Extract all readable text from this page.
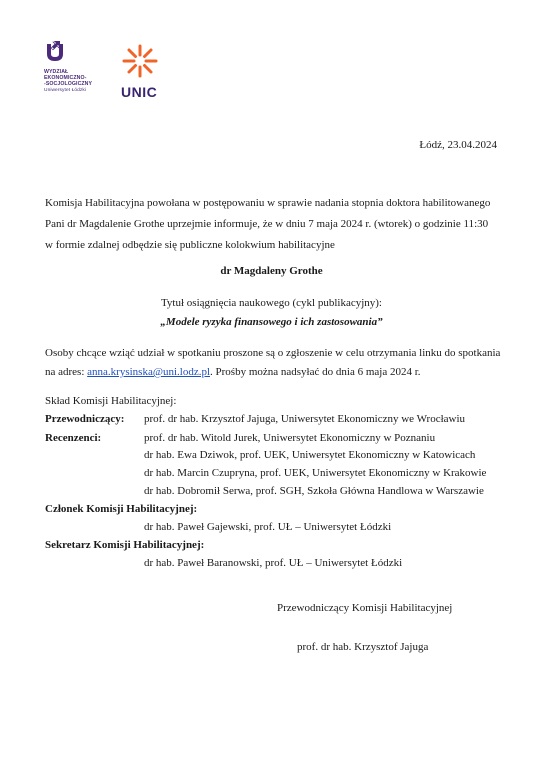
WYDZIAŁ
EKONOMICZNO-
-SOCJOLOGICZNY
Uniwersytet Łódzki	UNIC
Łódź, 23.04.2024
Komisja Habilitacyjna powołana w postępowaniu w sprawie nadania stopnia doktora habilitowanego
Pani dr Magdalenie Grothe uprzejmie informuje, że w dniu 7 maja 2024 r. (wtorek) o godzinie 11:30
w formie zdalnej odbędzie się publiczne kolokwium habilitacyjne
dr Magdaleny Grothe
Tytuł osiągnięcia naukowego (cykl publikacyjny):
„Modele ryzyka finansowego i ich zastosowania”
Osoby chcące wziąć udział w spotkaniu proszone są o zgłoszenie w celu otrzymania linku do spotkania
na adres: anna.krysinska@uni.lodz.pl. Prośby można nadsyłać do dnia 6 maja 2024 r.
Skład Komisji Habilitacyjnej:
Przewodniczący: prof. dr hab. Krzysztof Jajuga, Uniwersytet Ekonomiczny we Wrocławiu
Recenzenci:	prof. dr hab. Witold Jurek, Uniwersytet Ekonomiczny w Poznaniu
dr hab. Ewa Dziwok, prof. UEK, Uniwersytet Ekonomiczny w Katowicach
dr hab. Marcin Czupryna, prof. UEK, Uniwersytet Ekonomiczny w Krakowie
dr hab. Dobromił Serwa, prof. SGH, Szkoła Główna Handlowa w Warszawie
Członek Komisji Habilitacyjnej:
dr hab. Paweł Gajewski, prof. UŁ – Uniwersytet Łódzki
Sekretarz Komisji Habilitacyjnej:
dr hab. Paweł Baranowski, prof. UŁ – Uniwersytet Łódzki
Przewodniczący Komisji Habilitacyjnej
prof. dr hab. Krzysztof Jajuga
